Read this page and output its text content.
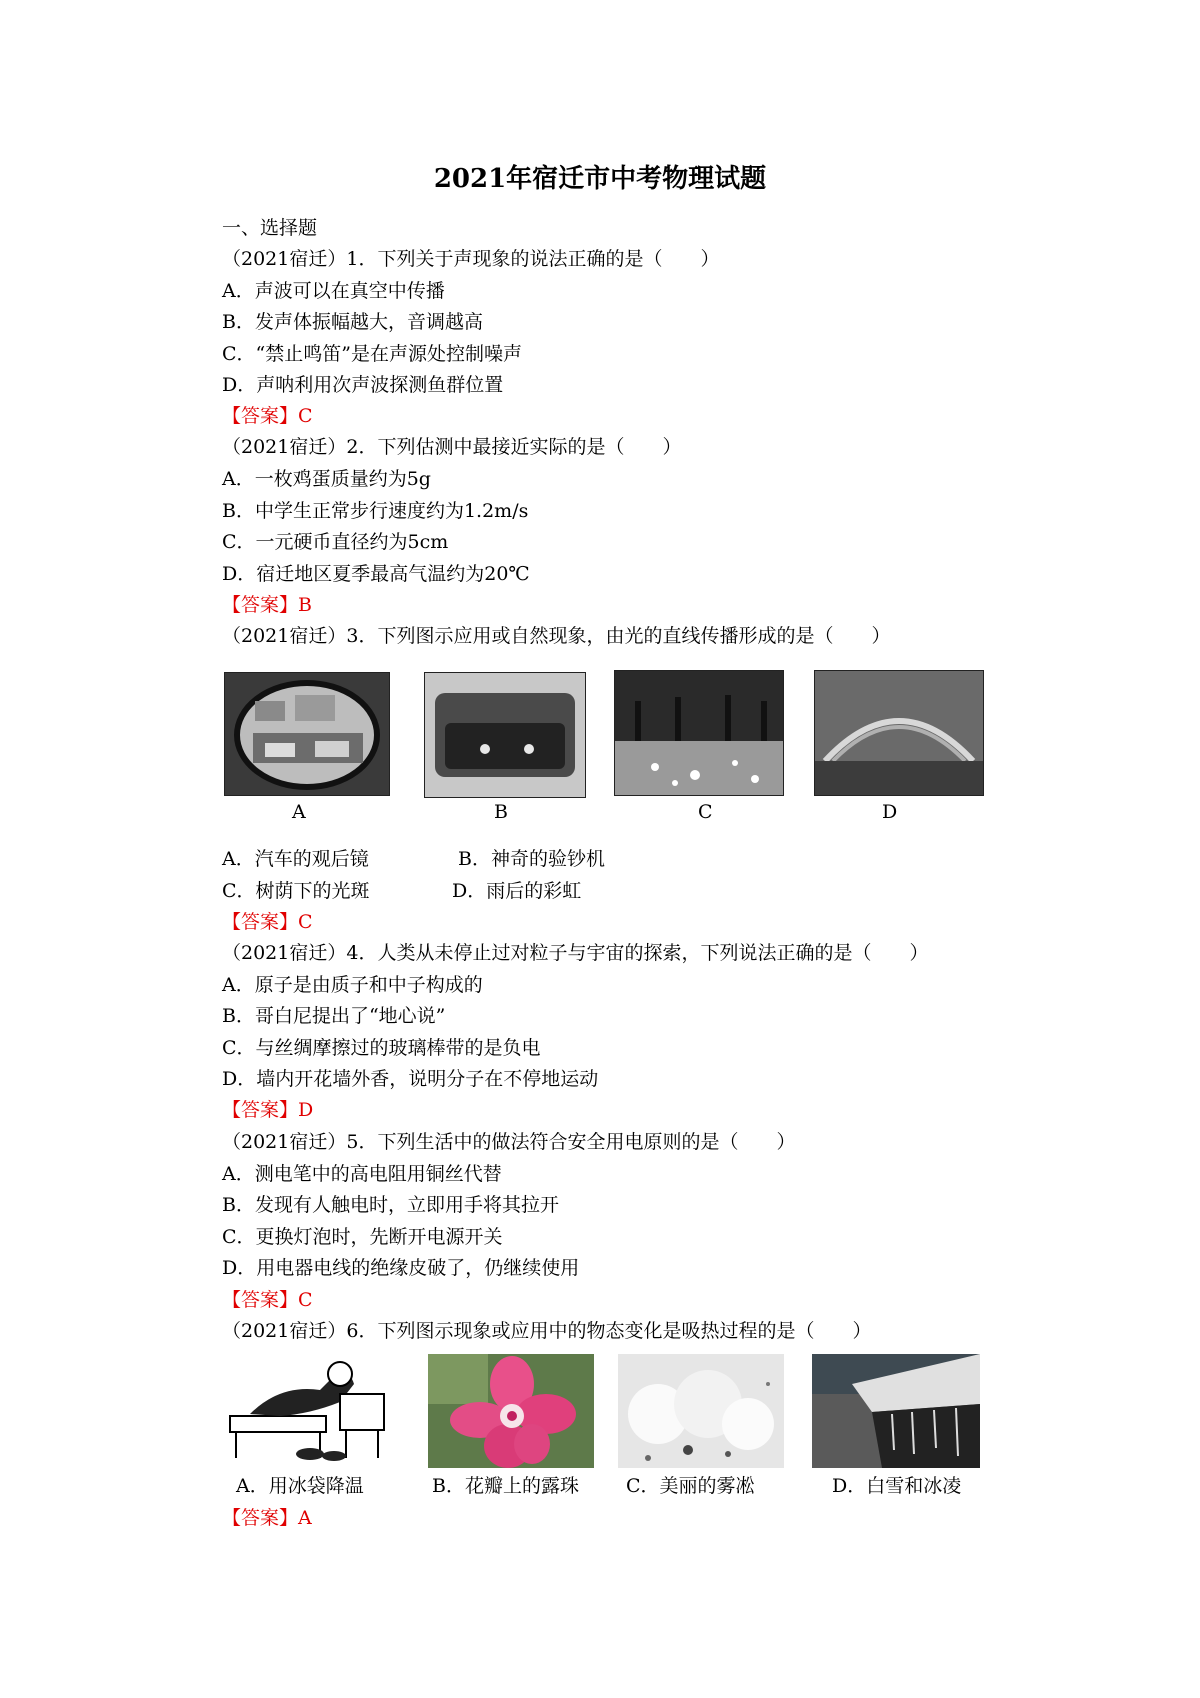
2021年宿迁市中考物理试题
一、选择题
（2021宿迁）1．下列关于声现象的说法正确的是（　　）
A．声波可以在真空中传播
B．发声体振幅越大，音调越高
C．“禁止鸣笛”是在声源处控制噪声
D．声呐利用次声波探测鱼群位置
【答案】C
（2021宿迁）2．下列估测中最接近实际的是（　　）
A．一枚鸡蛋质量约为5g
B．中学生正常步行速度约为1.2m/s
C．一元硬币直径约为5cm
D．宿迁地区夏季最高气温约为20℃
【答案】B
（2021宿迁）3．下列图示应用或自然现象，由光的直线传播形成的是（　　）
A	B	C	D
A．汽车的观后镜	B．神奇的验钞机
C．树荫下的光斑	D．雨后的彩虹
【答案】C
（2021宿迁）4．人类从未停止过对粒子与宇宙的探索，下列说法正确的是（　　）
A．原子是由质子和中子构成的
B．哥白尼提出了“地心说”
C．与丝绸摩擦过的玻璃棒带的是负电
D．墙内开花墙外香，说明分子在不停地运动
【答案】D
（2021宿迁）5．下列生活中的做法符合安全用电原则的是（　　）
A．测电笔中的高电阻用铜丝代替
B．发现有人触电时，立即用手将其拉开
C．更换灯泡时，先断开电源开关
D．用电器电线的绝缘皮破了，仍继续使用
【答案】C
（2021宿迁）6．下列图示现象或应用中的物态变化是吸热过程的是（　　）
A．用冰袋降温	B．花瓣上的露珠 C．美丽的雾凇	D．白雪和冰凌
【答案】A
